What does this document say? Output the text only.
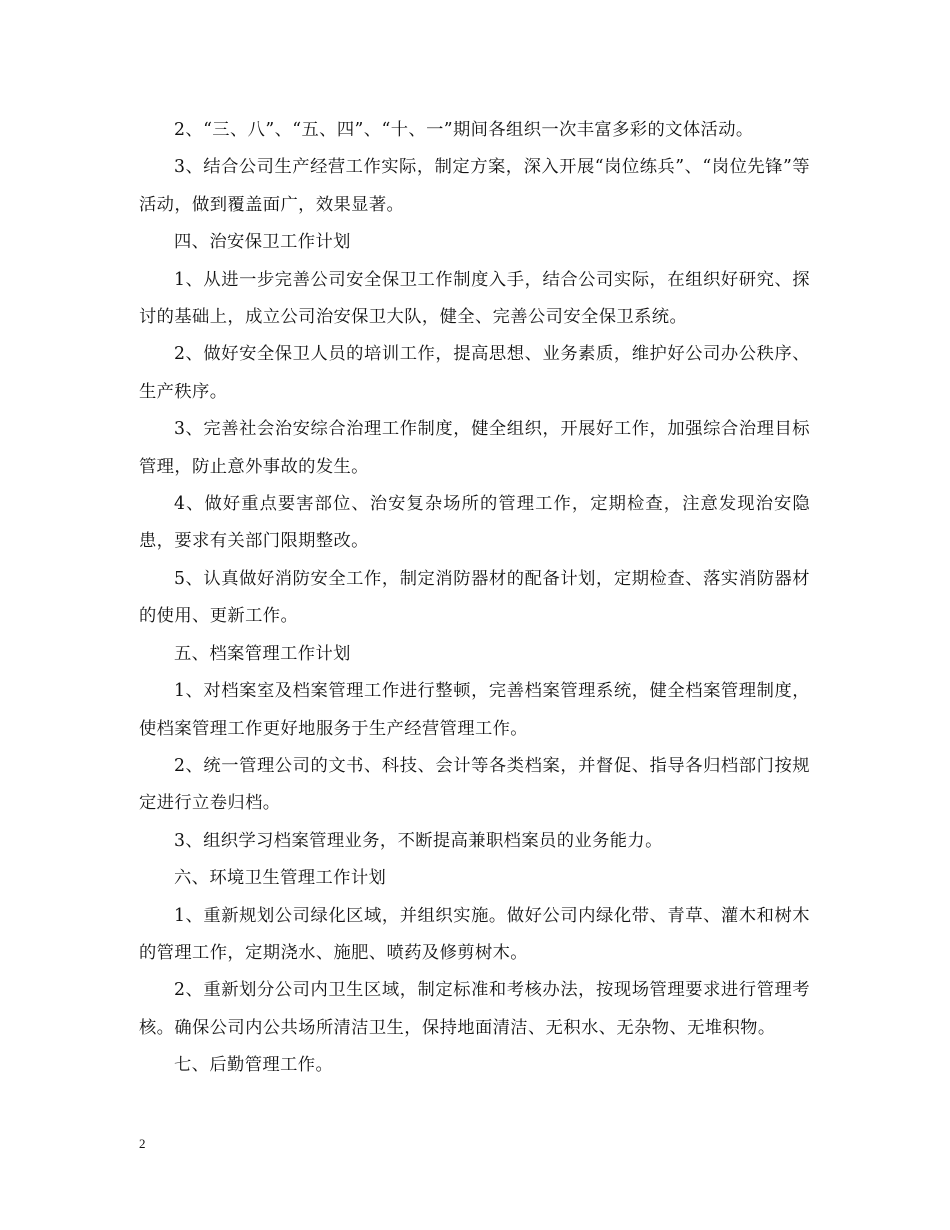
2、“三、八”、“五、四”、“十、一”期间各组织一次丰富多彩的文体活动。

3、结合公司生产经营工作实际，制定方案，深入开展“岗位练兵”、“岗位先锋”等活动，做到覆盖面广，效果显著。

四、治安保卫工作计划

1、从进一步完善公司安全保卫工作制度入手，结合公司实际，在组织好研究、探讨的基础上，成立公司治安保卫大队，健全、完善公司安全保卫系统。

2、做好安全保卫人员的培训工作，提高思想、业务素质，维护好公司办公秩序、生产秩序。

3、完善社会治安综合治理工作制度，健全组织，开展好工作，加强综合治理目标管理，防止意外事故的发生。

4、做好重点要害部位、治安复杂场所的管理工作，定期检查，注意发现治安隐患，要求有关部门限期整改。

5、认真做好消防安全工作，制定消防器材的配备计划，定期检查、落实消防器材的使用、更新工作。

五、档案管理工作计划

1、对档案室及档案管理工作进行整顿，完善档案管理系统，健全档案管理制度，使档案管理工作更好地服务于生产经营管理工作。

2、统一管理公司的文书、科技、会计等各类档案，并督促、指导各归档部门按规定进行立卷归档。

3、组织学习档案管理业务，不断提高兼职档案员的业务能力。

六、环境卫生管理工作计划

1、重新规划公司绿化区域，并组织实施。做好公司内绿化带、青草、灌木和树木的管理工作，定期浇水、施肥、喷药及修剪树木。

2、重新划分公司内卫生区域，制定标准和考核办法，按现场管理要求进行管理考核。确保公司内公共场所清洁卫生，保持地面清洁、无积水、无杂物、无堆积物。

七、后勤管理工作。

2
